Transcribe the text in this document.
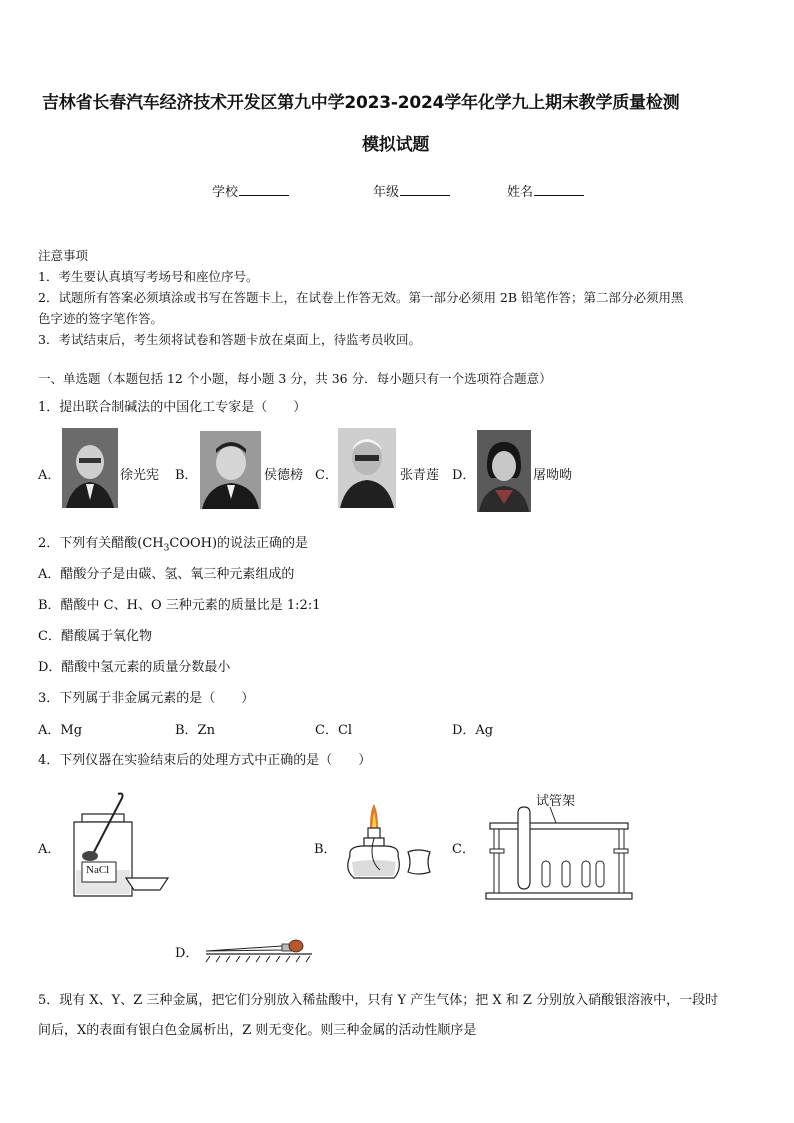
吉林省长春汽车经济技术开发区第九中学2023-2024学年化学九上期末教学质量检测
模拟试题
学校	年级	姓名
注意事项
1．考生要认真填写考场号和座位序号。
2．试题所有答案必须填涂或书写在答题卡上，在试卷上作答无效。第一部分必须用 2B 铅笔作答；第二部分必须用黑
色字迹的签字笔作答。
3．考试结束后，考生须将试卷和答题卡放在桌面上，待监考员收回。
一、单选题（本题包括 12 个小题，每小题 3 分，共 36 分．每小题只有一个选项符合题意）
1．提出联合制碱法的中国化工专家是（　　）
A．	徐光宪 B．	侯德榜 C．	张青莲 D．	屠呦呦
2．下列有关醋酸$(CH_3COOH)$的说法正确的是
A．醋酸分子是由碳、氢、氧三种元素组成的
B．醋酸中 C、H、O 三种元素的质量比是 1:2:1
C．醋酸属于氧化物
D．醋酸中氢元素的质量分数最小
3．下列属于非金属元素的是（　　）
A．Mg	B．Zn	C．Cl	D．Ag
4．下列仪器在实验结束后的处理方式中正确的是（　　）
A．
NaCl
B．	C．
试管架
D．
5．现有 X、Y、Z 三种金属，把它们分别放入稀盐酸中，只有 Y 产生气体；把 X 和 Z 分别放入硝酸银溶液中，一段时
间后，X的表面有银白色金属析出，Z 则无变化。则三种金属的活动性顺序是
